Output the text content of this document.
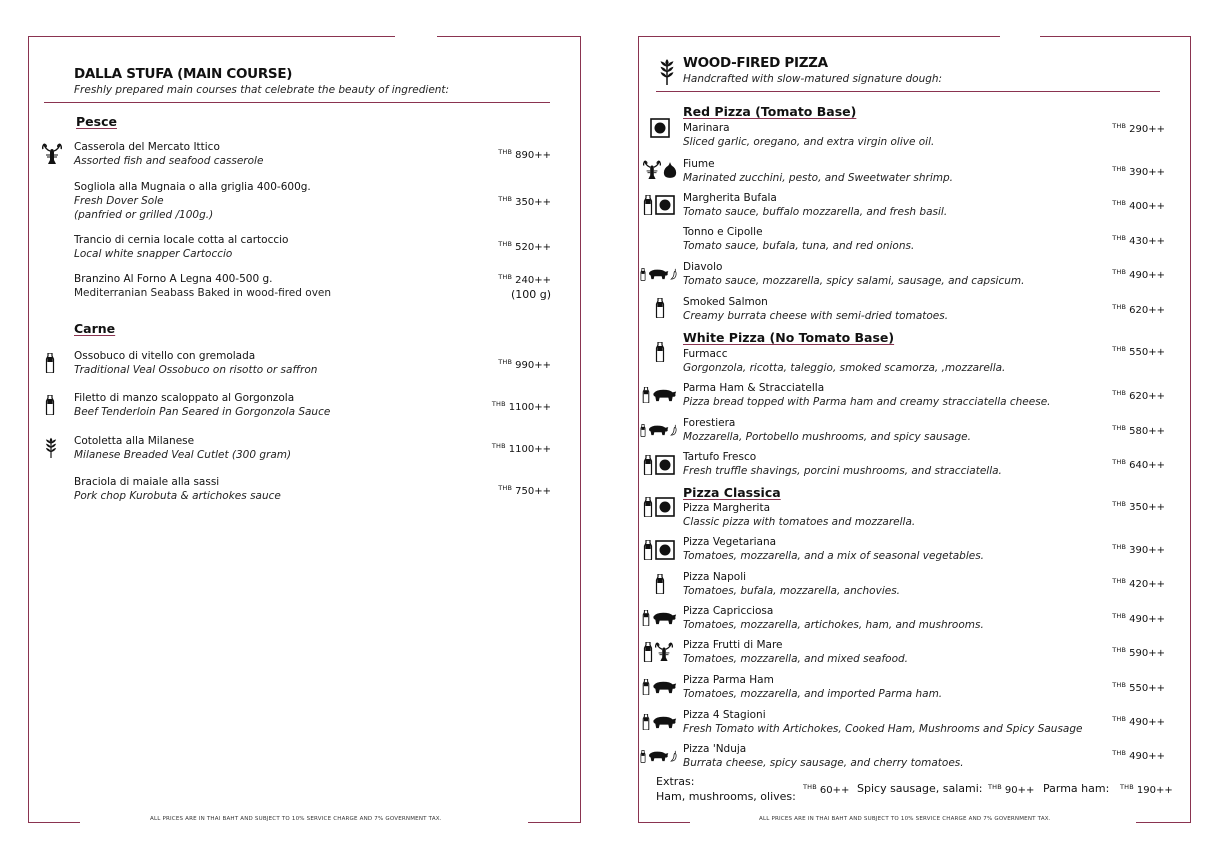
DALLA STUFA (MAIN COURSE)
Freshly prepared main courses that celebrate the beauty of ingredient:
Pesce
Casserola del Mercato Ittico
Assorted fish and seafood casserole
$^{THB}$ 890++
Sogliola alla Mugnaia o alla griglia 400-600g.
Fresh Dover Sole
(panfried or grilled /100g.)
$^{THB}$ 350++
Trancio di cernia locale cotta al cartoccio
Local white snapper Cartoccio
$^{THB}$ 520++
Branzino Al Forno A Legna 400-500 g.
Mediterranian Seabass Baked in wood-fired oven
$^{THB}$ 240++
(100 g)
Carne
Ossobuco di vitello con gremolada
Traditional Veal Ossobuco on risotto or saffron
$^{THB}$ 990++
Filetto di manzo scaloppato al Gorgonzola
Beef Tenderloin Pan Seared in Gorgonzola Sauce
$^{THB}$ 1100++
Cotoletta alla Milanese
Milanese Breaded Veal Cutlet (300 gram)
$^{THB}$ 1100++
Braciola di maiale alla sassi
Pork chop Kurobuta & artichokes sauce
$^{THB}$ 750++
ALL PRICES ARE IN THAI BAHT AND SUBJECT TO 10% SERVICE CHARGE AND 7% GOVERNMENT TAX.
WOOD-FIRED PIZZA
Handcrafted with slow-matured signature dough:
Red Pizza (Tomato Base)
Marinara
Sliced garlic, oregano, and extra virgin olive oil.
$^{THB}$ 290++
Fiume
Marinated zucchini, pesto, and Sweetwater shrimp.
$^{THB}$ 390++
Margherita Bufala
Tomato sauce, buffalo mozzarella, and fresh basil.
$^{THB}$ 400++
Tonno e Cipolle
Tomato sauce, bufala, tuna, and red onions.
$^{THB}$ 430++
Diavolo
Tomato sauce, mozzarella, spicy salami, sausage, and capsicum.
$^{THB}$ 490++
Smoked Salmon
Creamy burrata cheese with semi-dried tomatoes.
$^{THB}$ 620++
White Pizza (No Tomato Base)
Furmacc
Gorgonzola, ricotta, taleggio, smoked scamorza, ,mozzarella.
$^{THB}$ 550++
Parma Ham & Stracciatella
Pizza bread topped with Parma ham and creamy stracciatella cheese.
$^{THB}$ 620++
Forestiera
Mozzarella, Portobello mushrooms, and spicy sausage.
$^{THB}$ 580++
Tartufo Fresco
Fresh truffle shavings, porcini mushrooms, and stracciatella.
$^{THB}$ 640++
Pizza Classica
Pizza Margherita
Classic pizza with tomatoes and mozzarella.
$^{THB}$ 350++
Pizza Vegetariana
Tomatoes, mozzarella, and a mix of seasonal vegetables.
$^{THB}$ 390++
Pizza Napoli
Tomatoes, bufala, mozzarella, anchovies.
$^{THB}$ 420++
Pizza Capricciosa
Tomatoes, mozzarella, artichokes, ham, and mushrooms.
$^{THB}$ 490++
Pizza Frutti di Mare
Tomatoes, mozzarella, and mixed seafood.
$^{THB}$ 590++
Pizza Parma Ham
Tomatoes, mozzarella, and imported Parma ham.
$^{THB}$ 550++
Pizza 4 Stagioni
Fresh Tomato with Artichokes, Cooked Ham, Mushrooms and Spicy Sausage
$^{THB}$ 490++
Pizza 'Nduja
Burrata cheese, spicy sausage, and cherry tomatoes.
$^{THB}$ 490++
Extras:
Ham, mushrooms, olives:
$^{THB}$ 60++ Spicy sausage, salami: $^{THB}$ 90++ Parma ham: $^{THB}$ 190++
ALL PRICES ARE IN THAI BAHT AND SUBJECT TO 10% SERVICE CHARGE AND 7% GOVERNMENT TAX.
